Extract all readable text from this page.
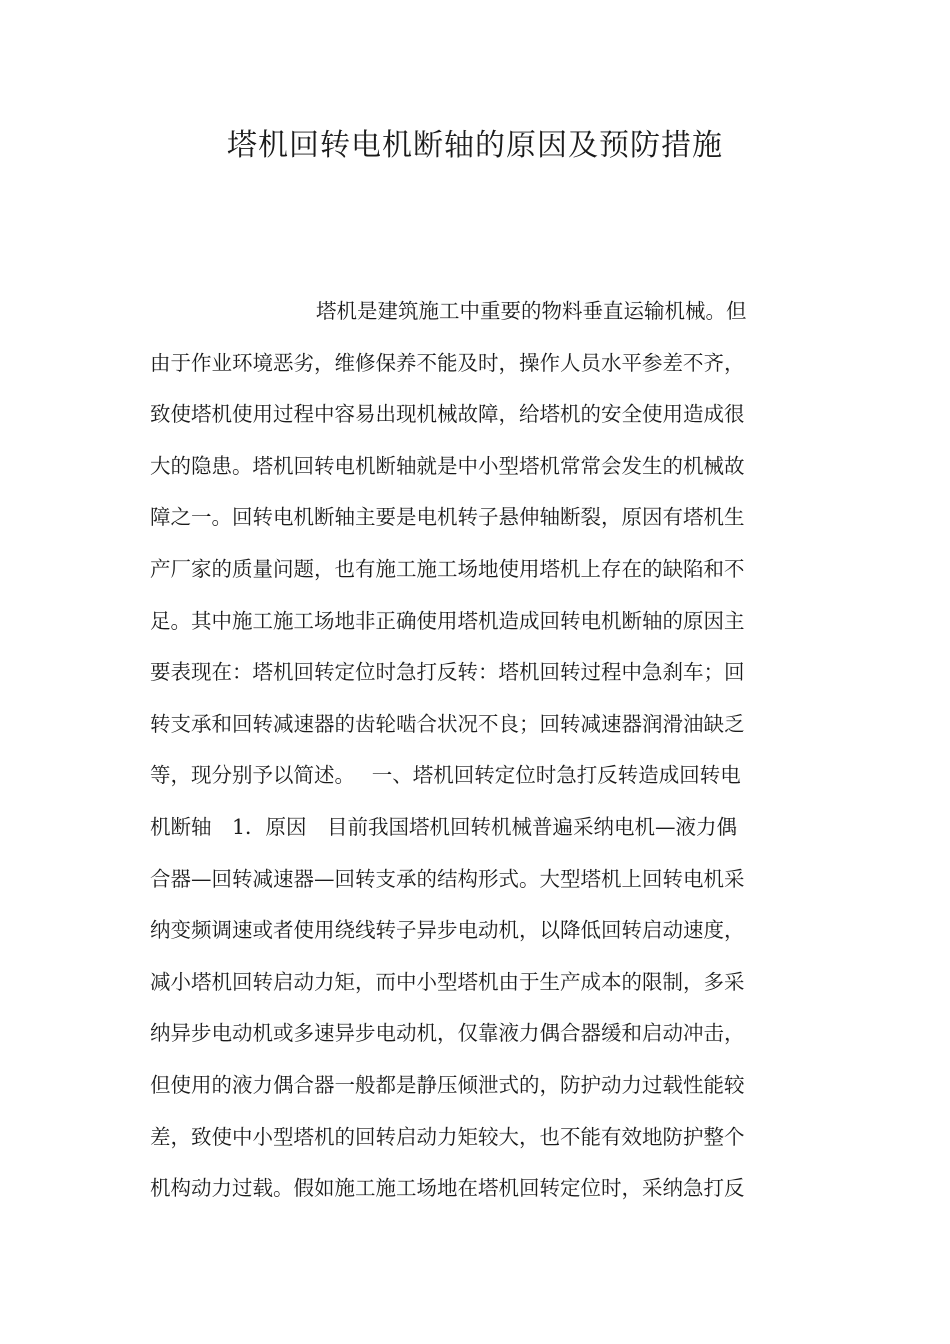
塔机回转电机断轴的原因及预防措施
塔机是建筑施工中重要的物料垂直运输机械。但
由于作业环境恶劣，维修保养不能及时，操作人员水平参差不齐，
致使塔机使用过程中容易出现机械故障，给塔机的安全使用造成很
大的隐患。塔机回转电机断轴就是中小型塔机常常会发生的机械故
障之一。回转电机断轴主要是电机转子悬伸轴断裂，原因有塔机生
产厂家的质量问题，也有施工施工场地使用塔机上存在的缺陷和不
足。其中施工施工场地非正确使用塔机造成回转电机断轴的原因主
要表现在：塔机回转定位时急打反转：塔机回转过程中急刹车；回
转支承和回转减速器的齿轮啮合状况不良；回转减速器润滑油缺乏
等，现分别予以简述。　 一、塔机回转定位时急打反转造成回转电
机断轴　1．原因　目前我国塔机回转机械普遍采纳电机—液力偶
合器—回转减速器—回转支承的结构形式。大型塔机上回转电机采
纳变频调速或者使用绕线转子异步电动机，以降低回转启动速度，
减小塔机回转启动力矩，而中小型塔机由于生产成本的限制，多采
纳异步电动机或多速异步电动机，仅靠液力偶合器缓和启动冲击，
但使用的液力偶合器一般都是静压倾泄式的，防护动力过载性能较
差，致使中小型塔机的回转启动力矩较大，也不能有效地防护整个
机构动力过载。假如施工施工场地在塔机回转定位时，采纳急打反
